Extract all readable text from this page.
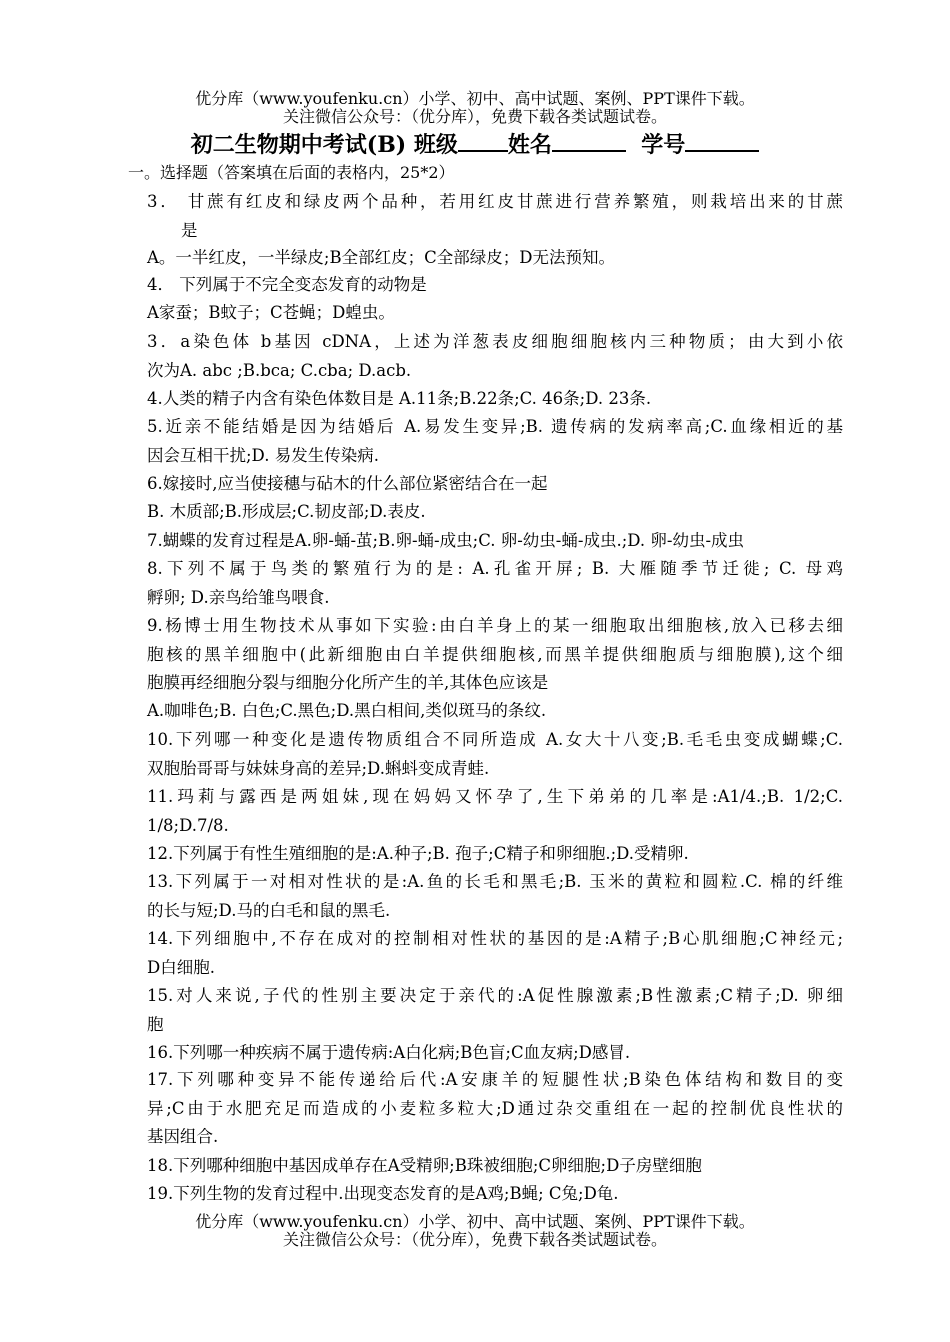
优分库（www.youfenku.cn）小学、初中、高中试题、案例、PPT课件下载。
关注微信公众号：（优分库），免费下载各类试题试卷。
初二生物期中考试(B) 班级 姓名	学号
一。选择题（答案填在后面的表格内，25*2）
3． 甘蔗有红皮和绿皮两个品种，若用红皮甘蔗进行营养繁殖，则栽培出来的甘蔗
是
A。一半红皮，一半绿皮;B全部红皮；C全部绿皮；D无法预知。
4． 下列属于不完全变态发育的动物是
A家蚕；B蚊子；C苍蝇；D蝗虫。
3．a染色体 b基因 cDNA，上述为洋葱表皮细胞细胞核内三种物质；由大到小依
次为A. abc ;B.bca; C.cba; D.acb.
4.人类的精子内含有染色体数目是 A.11条;B.22条;C. 46条;D. 23条.
5.近亲不能结婚是因为结婚后 A.易发生变异;B. 遗传病的发病率高;C.血缘相近的基
因会互相干扰;D. 易发生传染病.
6.嫁接时,应当使接穗与砧木的什么部位紧密结合在一起
B. 木质部;B.形成层;C.韧皮部;D.表皮.
7.蝴蝶的发育过程是A.卵-蛹-茧;B.卵-蛹-成虫;C. 卵-幼虫-蛹-成虫.;D. 卵-幼虫-成虫
8.下列不属于鸟类的繁殖行为的是: A.孔雀开屏; B. 大雁随季节迁徙; C. 母鸡
孵卵; D.亲鸟给雏鸟喂食.
9.杨博士用生物技术从事如下实验:由白羊身上的某一细胞取出细胞核,放入已移去细
胞核的黑羊细胞中(此新细胞由白羊提供细胞核,而黑羊提供细胞质与细胞膜),这个细
胞膜再经细胞分裂与细胞分化所产生的羊,其体色应该是
A.咖啡色;B. 白色;C.黑色;D.黑白相间,类似斑马的条纹.
10.下列哪一种变化是遗传物质组合不同所造成 A.女大十八变;B.毛毛虫变成蝴蝶;C.
双胞胎哥哥与妹妹身高的差异;D.蝌蚪变成青蛙.
11.玛莉与露西是两姐妹,现在妈妈又怀孕了,生下弟弟的几率是:A1/4.;B. 1/2;C.
1/8;D.7/8.
12.下列属于有性生殖细胞的是:A.种子;B. 孢子;C精子和卵细胞.;D.受精卵.
13.下列属于一对相对性状的是:A.鱼的长毛和黑毛;B. 玉米的黄粒和圆粒.C. 棉的纤维
的长与短;D.马的白毛和鼠的黑毛.
14.下列细胞中,不存在成对的控制相对性状的基因的是:A精子;B心肌细胞;C神经元;
D白细胞.
15.对人来说,子代的性别主要决定于亲代的:A促性腺激素;B性激素;C精子;D. 卵细
胞
16.下列哪一种疾病不属于遗传病:A白化病;B色盲;C血友病;D感冒.
17.下列哪种变异不能传递给后代:A安康羊的短腿性状;B染色体结构和数目的变
异;C由于水肥充足而造成的小麦粒多粒大;D通过杂交重组在一起的控制优良性状的
基因组合.
18.下列哪种细胞中基因成单存在A受精卵;B珠被细胞;C卵细胞;D子房壁细胞
19.下列生物的发育过程中.出现变态发育的是A鸡;B蝇; C兔;D龟.
优分库（www.youfenku.cn）小学、初中、高中试题、案例、PPT课件下载。
关注微信公众号：（优分库），免费下载各类试题试卷。
